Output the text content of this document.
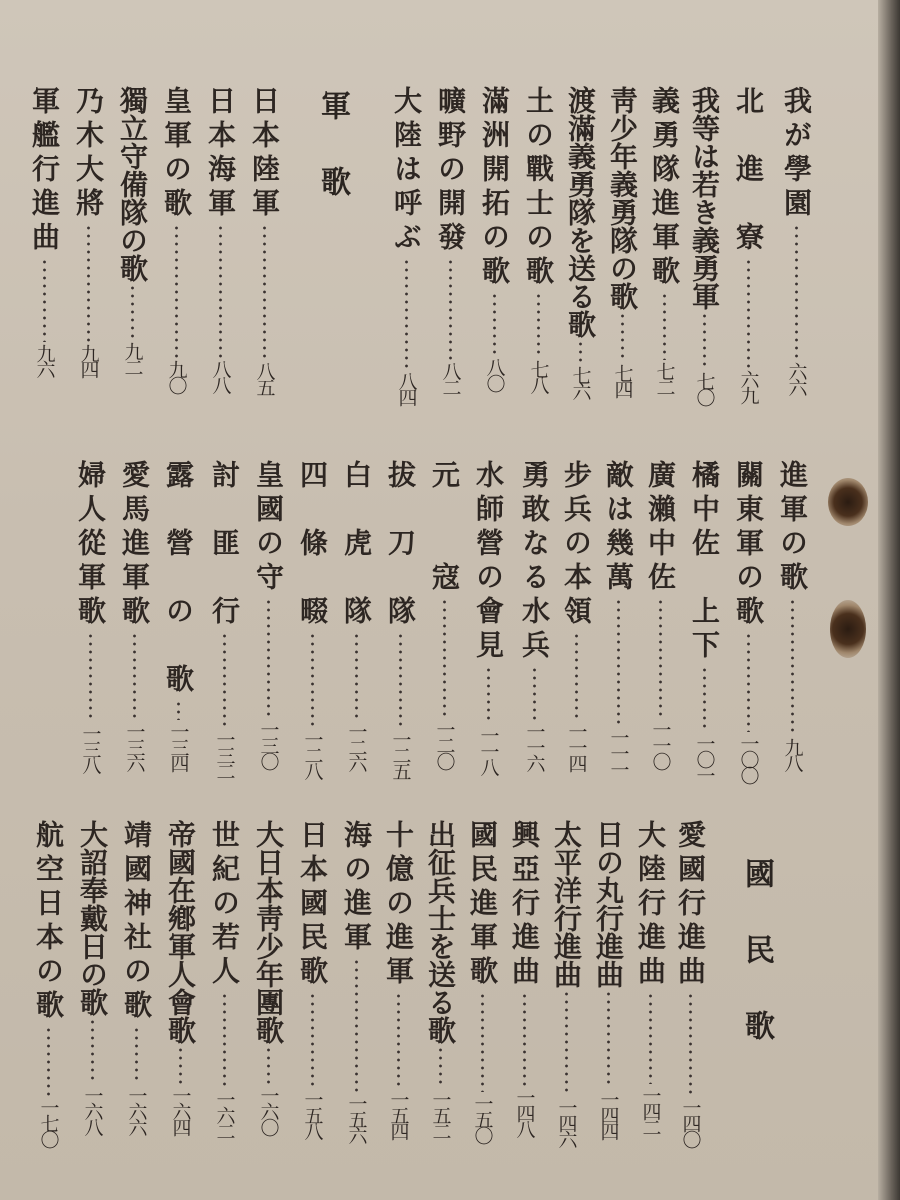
軍歌
國民歌
我が學園
六六
北　進　寮
六九
我等は若き義勇軍
七〇
義勇隊進軍歌
七二
靑少年義勇隊の歌
七四
渡滿義勇隊を送る歌
七六
土の戰士の歌
七八
滿洲開拓の歌
八〇
曠野の開發
八二
大陸は呼ぶ
八四
日本陸軍
八五
日本海軍
八八
皇軍の歌
九〇
獨立守備隊の歌
九二
乃木大將
九四
軍艦行進曲
九六
進軍の歌
九八
關東軍の歌
一〇〇
橘中佐　上下
一〇一
廣瀨中佐
一一〇
敵は幾萬
一一一
步兵の本領
一一四
勇敢なる水兵
一一六
水師營の會見
一一八
元　　寇
一二〇
拔　刀　隊
一二五
白　虎　隊
一二六
四　條　畷
一二八
皇國の守
一三〇
討　匪　行
一三二
露　營　の　歌
一三四
愛馬進軍歌
一三六
婦人從軍歌
一三八
愛國行進曲
一四〇
大陸行進曲
一四二
日の丸行進曲
一四四
太平洋行進曲
一四六
興亞行進曲
一四八
國民進軍歌
一五〇
出征兵士を送る歌
一五二
十億の進軍
一五四
海の進軍
一五六
日本國民歌
一五八
大日本靑少年團歌
一六〇
世紀の若人
一六二
帝國在鄕軍人會歌
一六四
靖國神社の歌
一六六
大詔奉戴日の歌
一六八
航空日本の歌
一七〇
